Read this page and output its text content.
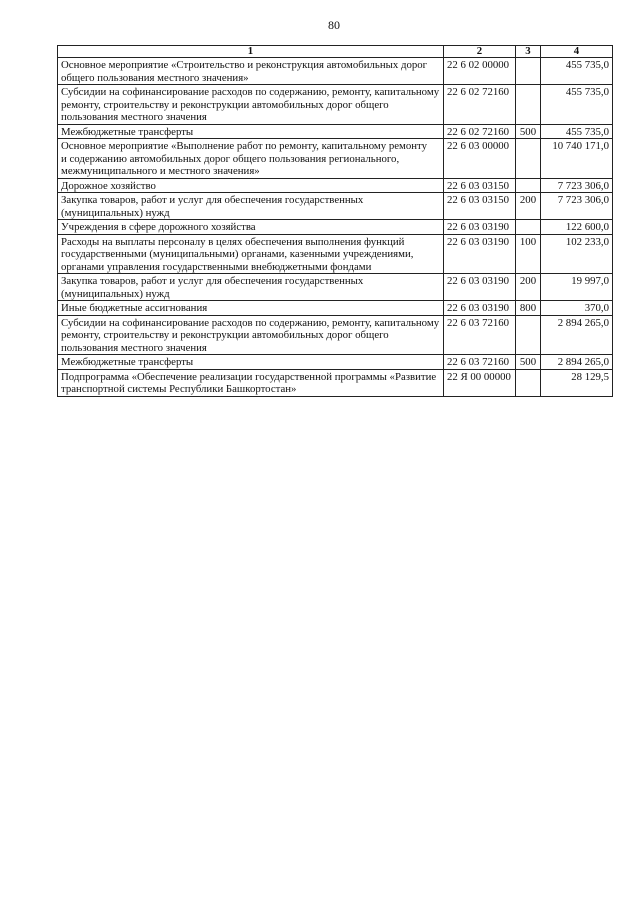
80
1	2	3	4
Основное мероприятие «Строительство и реконструкция автомобильных дорог
общего пользования местного значения»	22 6 02 00000		455 735,0
Субсидии на софинансирование расходов по содержанию, ремонту, капитальному
ремонту, строительству и реконструкции автомобильных дорог общего
пользования местного значения	22 6 02 72160		455 735,0
Межбюджетные трансферты	22 6 02 72160	500	455 735,0
Основное мероприятие «Выполнение работ по ремонту, капитальному ремонту
и содержанию автомобильных дорог общего пользования регионального,
межмуниципального и местного значения»	22 6 03 00000		10 740 171,0
Дорожное хозяйство	22 6 03 03150		7 723 306,0
Закупка товаров, работ и услуг для обеспечения государственных
(муниципальных) нужд	22 6 03 03150	200	7 723 306,0
Учреждения в сфере дорожного хозяйства	22 6 03 03190		122 600,0
Расходы на выплаты персоналу в целях обеспечения выполнения функций
государственными (муниципальными) органами, казенными учреждениями,
органами управления государственными внебюджетными фондами	22 6 03 03190	100	102 233,0
Закупка товаров, работ и услуг для обеспечения государственных
(муниципальных) нужд	22 6 03 03190	200	19 997,0
Иные бюджетные ассигнования	22 6 03 03190	800	370,0
Субсидии на софинансирование расходов по содержанию, ремонту, капитальному
ремонту, строительству и реконструкции автомобильных дорог общего
пользования местного значения	22 6 03 72160		2 894 265,0
Межбюджетные трансферты	22 6 03 72160	500	2 894 265,0
Подпрограмма «Обеспечение реализации государственной программы «Развитие
транспортной системы Республики Башкортостан»	22 Я 00 00000		28 129,5
